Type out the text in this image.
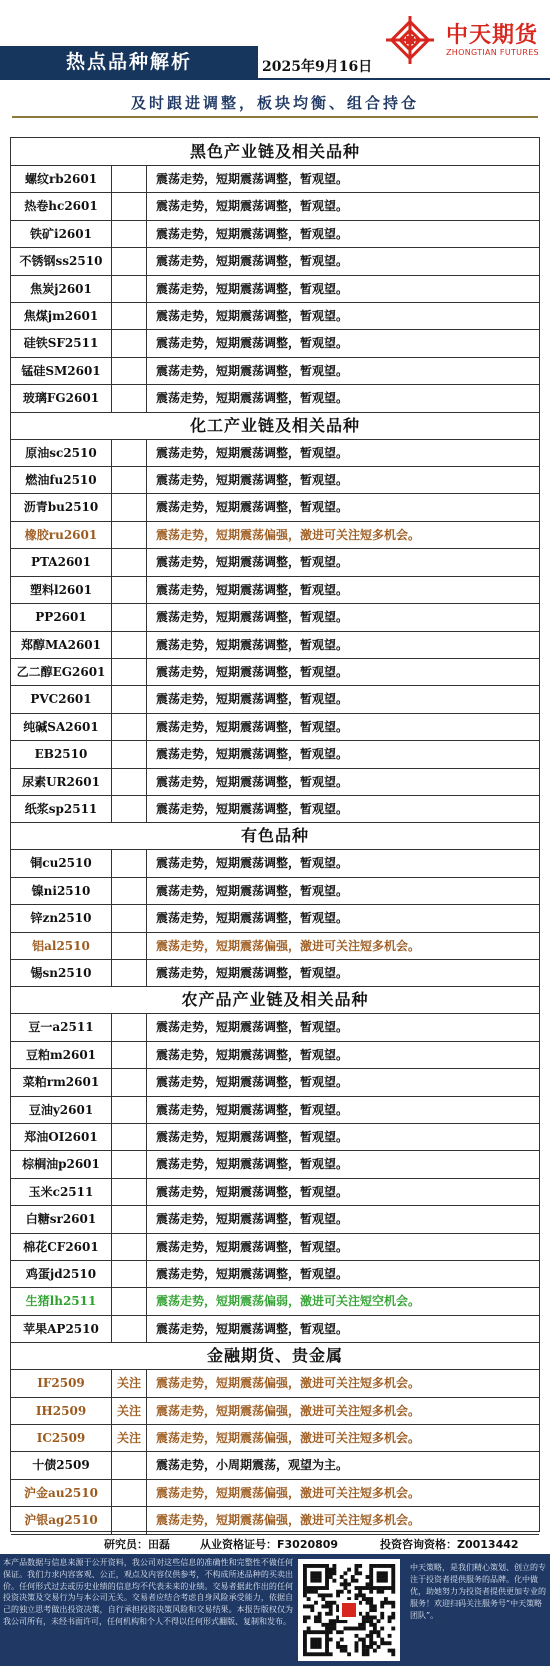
热点品种解析	2025年9月16日
中天期货
ZHONGTIAN FUTURES
及时跟进调整，板块均衡、组合持仓
黑色产业链及相关品种
螺纹rb2601	震荡走势，短期震荡调整，暂观望。
热卷hc2601	震荡走势，短期震荡调整，暂观望。
铁矿i2601	震荡走势，短期震荡调整，暂观望。
不锈钢ss2510	震荡走势，短期震荡调整，暂观望。
焦炭j2601	震荡走势，短期震荡调整，暂观望。
焦煤jm2601	震荡走势，短期震荡调整，暂观望。
硅铁SF2511	震荡走势，短期震荡调整，暂观望。
锰硅SM2601	震荡走势，短期震荡调整，暂观望。
玻璃FG2601	震荡走势，短期震荡调整，暂观望。
化工产业链及相关品种
原油sc2510	震荡走势，短期震荡调整，暂观望。
燃油fu2510	震荡走势，短期震荡调整，暂观望。
沥青bu2510	震荡走势，短期震荡调整，暂观望。
橡胶ru2601	震荡走势，短期震荡偏强，激进可关注短多机会。
PTA2601	震荡走势，短期震荡调整，暂观望。
塑料l2601	震荡走势，短期震荡调整，暂观望。
PP2601	震荡走势，短期震荡调整，暂观望。
郑醇MA2601	震荡走势，短期震荡调整，暂观望。
乙二醇EG2601	震荡走势，短期震荡调整，暂观望。
PVC2601	震荡走势，短期震荡调整，暂观望。
纯碱SA2601	震荡走势，短期震荡调整，暂观望。
EB2510	震荡走势，短期震荡调整，暂观望。
尿素UR2601	震荡走势，短期震荡调整，暂观望。
纸浆sp2511	震荡走势，短期震荡调整，暂观望。
有色品种
铜cu2510	震荡走势，短期震荡调整，暂观望。
镍ni2510	震荡走势，短期震荡调整，暂观望。
锌zn2510	震荡走势，短期震荡调整，暂观望。
铝al2510	震荡走势，短期震荡偏强，激进可关注短多机会。
锡sn2510	震荡走势，短期震荡调整，暂观望。
农产品产业链及相关品种
豆一a2511	震荡走势，短期震荡调整，暂观望。
豆粕m2601	震荡走势，短期震荡调整，暂观望。
菜粕rm2601	震荡走势，短期震荡调整，暂观望。
豆油y2601	震荡走势，短期震荡调整，暂观望。
郑油OI2601	震荡走势，短期震荡调整，暂观望。
棕榈油p2601	震荡走势，短期震荡调整，暂观望。
玉米c2511	震荡走势，短期震荡调整，暂观望。
白糖sr2601	震荡走势，短期震荡调整，暂观望。
棉花CF2601	震荡走势，短期震荡调整，暂观望。
鸡蛋jd2510	震荡走势，短期震荡调整，暂观望。
生猪lh2511	震荡走势，短期震荡偏弱，激进可关注短空机会。
苹果AP2510	震荡走势，短期震荡调整，暂观望。
金融期货、贵金属
IF2509	关注	震荡走势，短期震荡偏强，激进可关注短多机会。
IH2509	关注	震荡走势，短期震荡偏强，激进可关注短多机会。
IC2509	关注	震荡走势，短期震荡偏强，激进可关注短多机会。
十债2509	震荡走势，小周期震荡，观望为主。
沪金au2510	震荡走势，短期震荡偏强，激进可关注短多机会。
沪银ag2510	震荡走势，短期震荡偏强，激进可关注短多机会。
研究员：田磊	从业资格证号：F3020809	投资咨询资格：Z0013442
本产品数据与信息来源于公开资料，我公司对这些信息的准确性和完整性不做任何保证。我们力求内容客观、公正，观点及内容仅供参考，不构成所述品种的买卖出价。任何形式过去或历史业绩的信息均不代表未来的业绩。交易者据此作出的任何投资决策及交易行为与本公司无关。交易者应结合考虑自身风险承受能力，依据自己的独立思考做出投资决策，自行承担投资决策风险和交易结果。本报告版权仅为我公司所有，未经书面许可，任何机构和个人不得以任何形式翻版、复制和发布。
中天策略，是我们精心策划、创立的专注于投资者提供服务的品牌。化中做优，助她努力为投资者提供更加专业的服务！欢迎扫码关注服务号“中天策略团队”。
